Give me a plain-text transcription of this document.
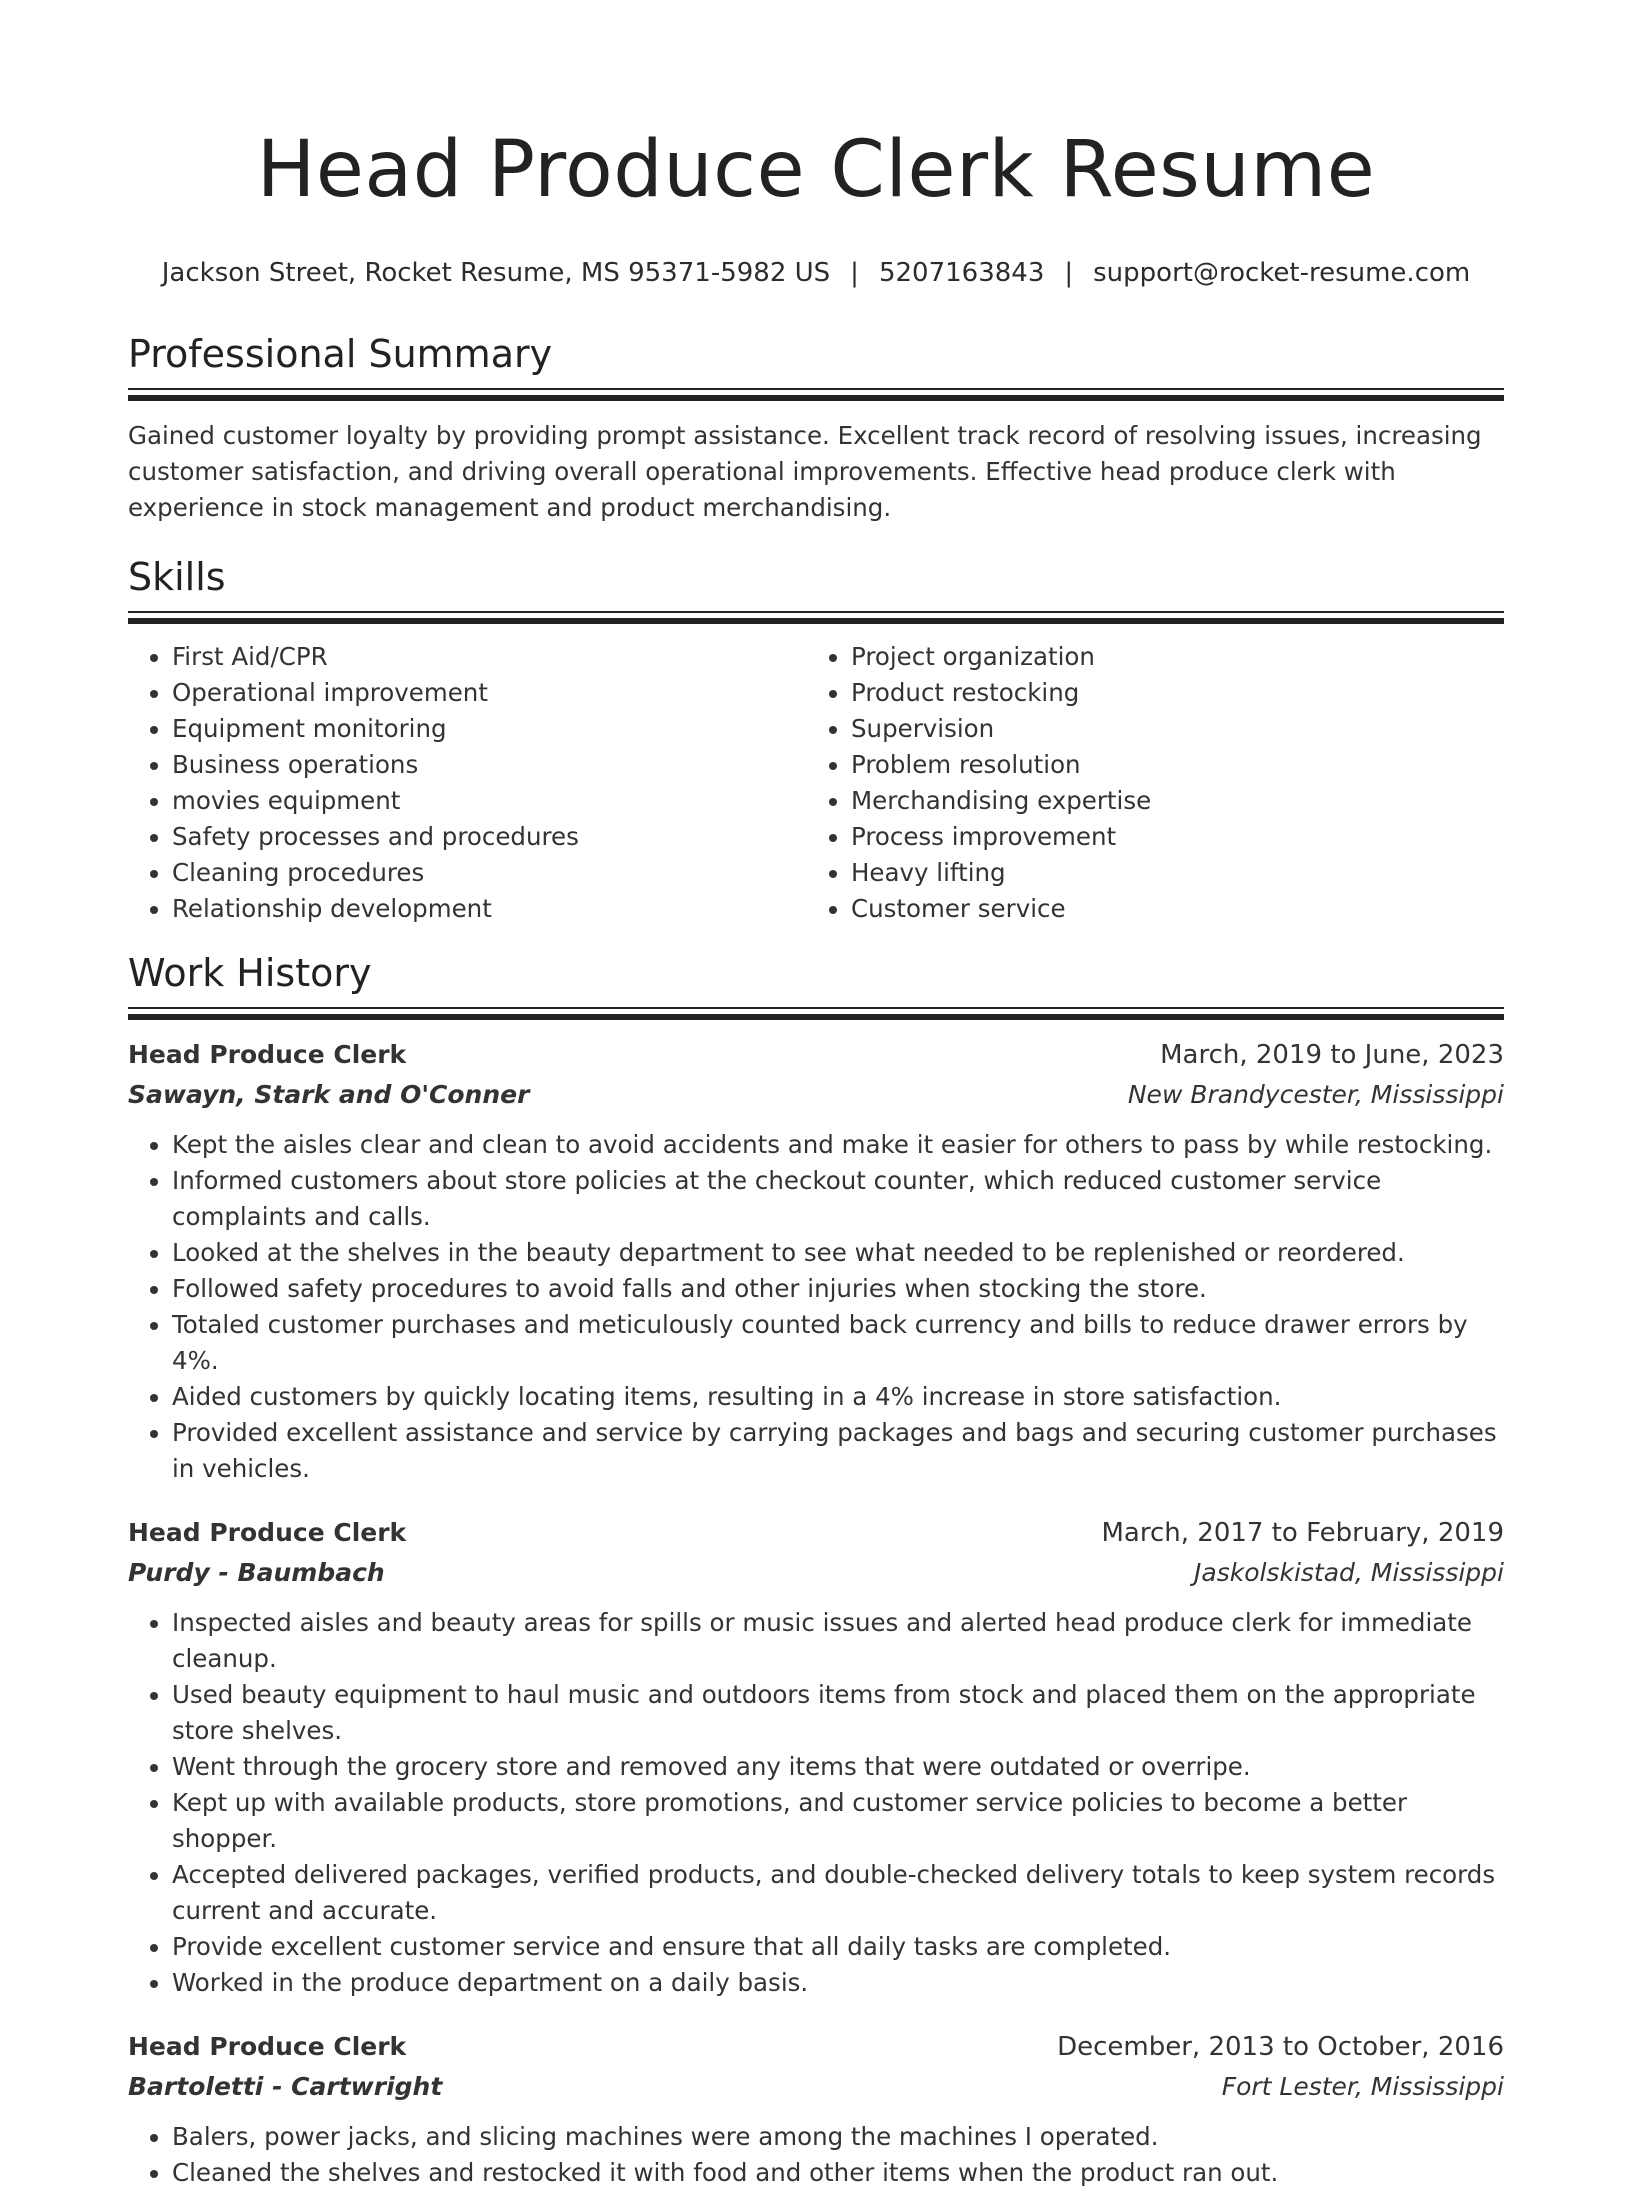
Head Produce Clerk Resume
Jackson Street, Rocket Resume, MS 95371-5982 US | 5207163843 | support@rocket-resume.com
Professional Summary

Gained customer loyalty by providing prompt assistance. Excellent track record of resolving issues, increasing customer satisfaction, and driving overall operational improvements. Effective head produce clerk with experience in stock management and product merchandising.

Skills
• First Aid/CPR
• Operational improvement
• Equipment monitoring
• Business operations
• movies equipment
• Safety processes and procedures
• Cleaning procedures
• Relationship development
• Project organization
• Product restocking
• Supervision
• Problem resolution
• Merchandising expertise
• Process improvement
• Heavy lifting
• Customer service
Work History
Head Produce Clerk	March, 2019 to June, 2023
Sawayn, Stark and O'Conner	New Brandycester, Mississippi
• Kept the aisles clear and clean to avoid accidents and make it easier for others to pass by while restocking.
• Informed customers about store policies at the checkout counter, which reduced customer service complaints and calls.
• Looked at the shelves in the beauty department to see what needed to be replenished or reordered.
• Followed safety procedures to avoid falls and other injuries when stocking the store.
• Totaled customer purchases and meticulously counted back currency and bills to reduce drawer errors by 4%.
• Aided customers by quickly locating items, resulting in a 4% increase in store satisfaction.
• Provided excellent assistance and service by carrying packages and bags and securing customer purchases in vehicles.
Head Produce Clerk	March, 2017 to February, 2019
Purdy - Baumbach	Jaskolskistad, Mississippi
• Inspected aisles and beauty areas for spills or music issues and alerted head produce clerk for immediate cleanup.
• Used beauty equipment to haul music and outdoors items from stock and placed them on the appropriate store shelves.
• Went through the grocery store and removed any items that were outdated or overripe.
• Kept up with available products, store promotions, and customer service policies to become a better shopper.
• Accepted delivered packages, verified products, and double-checked delivery totals to keep system records current and accurate.
• Provide excellent customer service and ensure that all daily tasks are completed.
• Worked in the produce department on a daily basis.
Head Produce Clerk	December, 2013 to October, 2016
Bartoletti - Cartwright	Fort Lester, Mississippi
• Balers, power jacks, and slicing machines were among the machines I operated.
• Cleaned the shelves and restocked it with food and other items when the product ran out.
